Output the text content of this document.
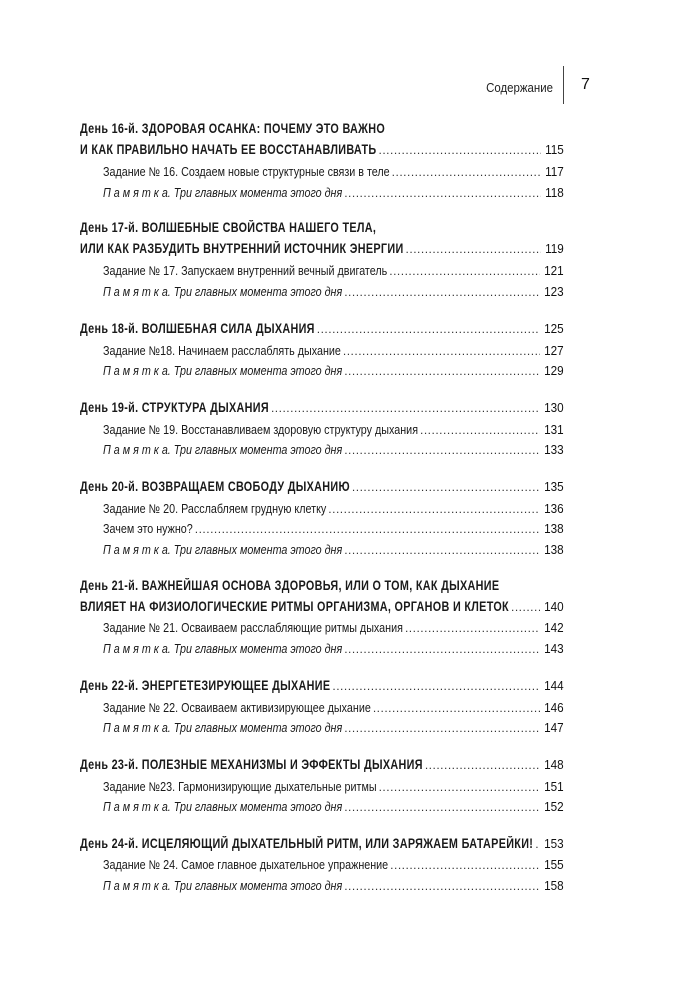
Содержание 7
День 16-й. ЗДОРОВАЯ ОСАНКА: ПОЧЕМУ ЭТО ВАЖНО
И КАК ПРАВИЛЬНО НАЧАТЬ ЕЕ ВОССТАНАВЛИВАТЬ .....	115
Задание № 16. Создаем новые структурные связи в теле .....	117
П а м я т к а. Три главных момента этого дня .....	118
День 17-й. ВОЛШЕБНЫЕ СВОЙСТВА НАШЕГО ТЕЛА,
ИЛИ КАК РАЗБУДИТЬ ВНУТРЕННИЙ ИСТОЧНИК ЭНЕРГИИ .....	119
Задание № 17. Запускаем внутренний вечный двигатель .....	121
П а м я т к а. Три главных момента этого дня .....	123
День 18-й. ВОЛШЕБНАЯ СИЛА ДЫХАНИЯ .....	125
Задание №18. Начинаем расслаблять дыхание .....	127
П а м я т к а. Три главных момента этого дня .....	129
День 19-й. СТРУКТУРА ДЫХАНИЯ .....	130
Задание № 19. Восстанавливаем здоровую структуру дыхания .....	131
П а м я т к а. Три главных момента этого дня .....	133
День 20-й. ВОЗВРАЩАЕМ СВОБОДУ ДЫХАНИЮ .....	135
Задание № 20. Расслабляем грудную клетку .....	136
Зачем это нужно? .....	138
П а м я т к а. Три главных момента этого дня .....	138
День 21-й. ВАЖНЕЙШАЯ ОСНОВА ЗДОРОВЬЯ, ИЛИ О ТОМ, КАК ДЫХАНИЕ
ВЛИЯЕТ НА ФИЗИОЛОГИЧЕСКИЕ РИТМЫ ОРГАНИЗМА, ОРГАНОВ И КЛЕТОК .....	140
Задание № 21. Осваиваем расслабляющие ритмы дыхания .....	142
П а м я т к а. Три главных момента этого дня .....	143
День 22-й. ЭНЕРГЕТЕЗИРУЮЩЕЕ ДЫХАНИЕ .....	144
Задание № 22. Осваиваем активизирующее дыхание .....	146
П а м я т к а. Три главных момента этого дня .....	147
День 23-й. ПОЛЕЗНЫЕ МЕХАНИЗМЫ И ЭФФЕКТЫ ДЫХАНИЯ .....	148
Задание №23. Гармонизирующие дыхательные ритмы .....	151
П а м я т к а. Три главных момента этого дня .....	152
День 24-й. ИСЦЕЛЯЮЩИЙ ДЫХАТЕЛЬНЫЙ РИТМ, ИЛИ ЗАРЯЖАЕМ БАТАРЕЙКИ! ..... 153
Задание № 24. Самое главное дыхательное упражнение .....	155
П а м я т к а. Три главных момента этого дня .....	158
